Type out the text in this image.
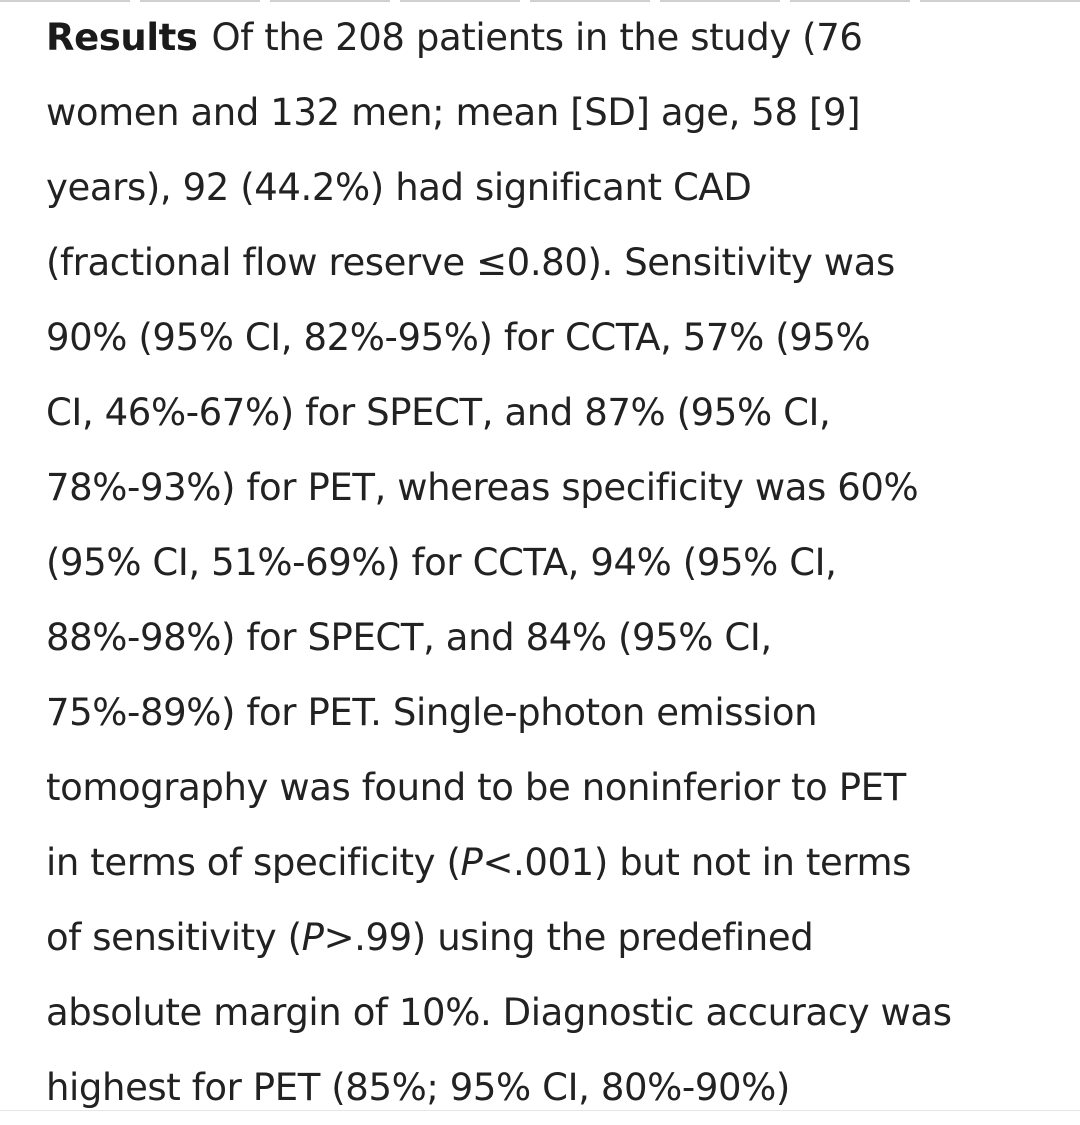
Results Of the 208 patients in the study (76
women and 132 men; mean [SD] age, 58 [9]
years), 92 (44.2%) had significant CAD
(fractional flow reserve ≤0.80). Sensitivity was
90% (95% CI, 82%-95%) for CCTA, 57% (95%
CI, 46%-67%) for SPECT, and 87% (95% CI,
78%-93%) for PET, whereas specificity was 60%
(95% CI, 51%-69%) for CCTA, 94% (95% CI,
88%-98%) for SPECT, and 84% (95% CI,
75%-89%) for PET. Single-photon emission
tomography was found to be noninferior to PET
in terms of specificity (P<.001) but not in terms
of sensitivity (P>.99) using the predefined
absolute margin of 10%. Diagnostic accuracy was
highest for PET (85%; 95% CI, 80%-90%)
